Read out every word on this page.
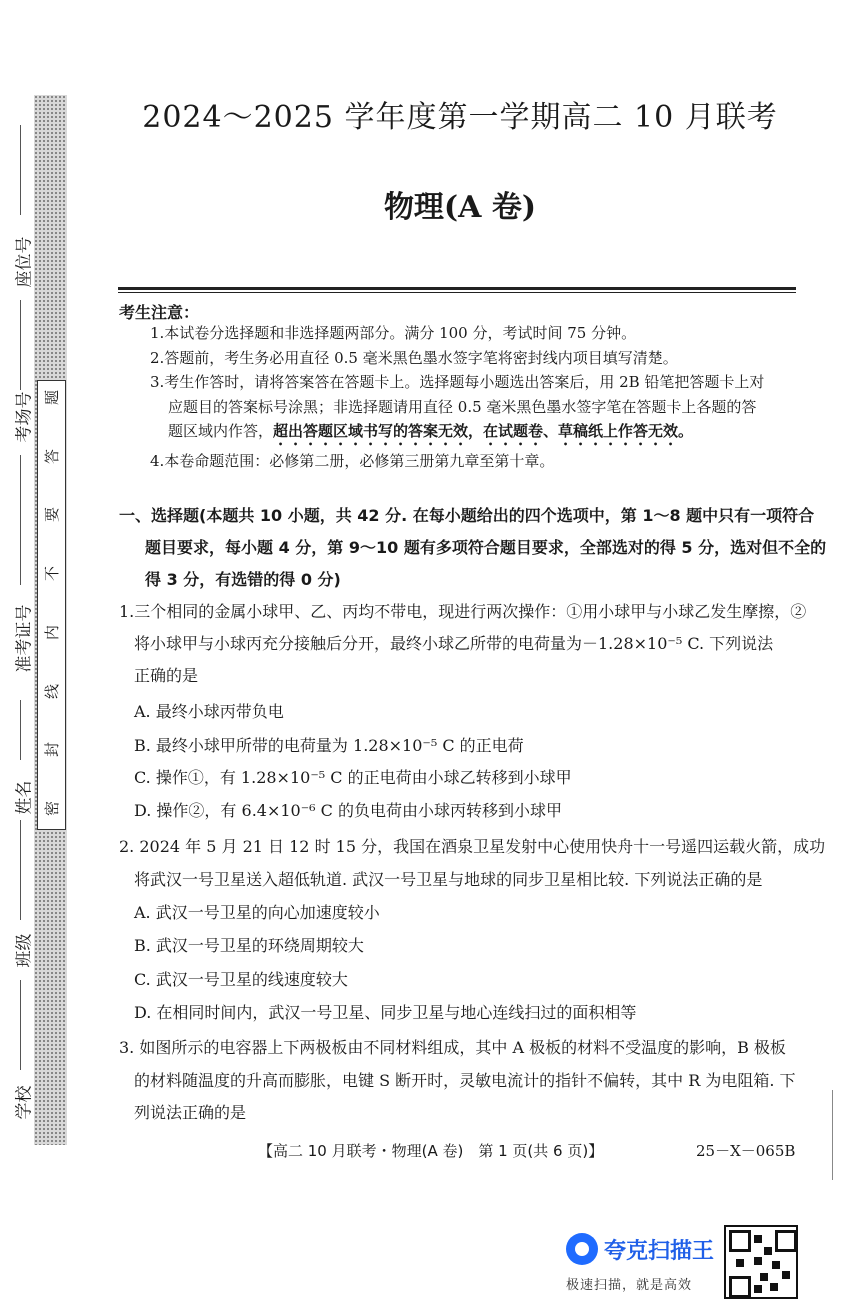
题
答
要
不
内
线
封
密
座位号
考场号
准考证号
姓名
班级
学校
2024～2025 学年度第一学期高二 10 月联考
物理(A 卷)
考生注意：
1.本试卷分选择题和非选择题两部分。满分 100 分，考试时间 75 分钟。
2.答题前，考生务必用直径 0.5 毫米黑色墨水签字笔将密封线内项目填写清楚。
3.考生作答时，请将答案答在答题卡上。选择题每小题选出答案后，用 2B 铅笔把答题卡上对
应题目的答案标号涂黑；非选择题请用直径 0.5 毫米黑色墨水签字笔在答题卡上各题的答
题区域内作答，超出答题区域书写的答案无效，在试题卷、草稿纸上作答无效。
4.本卷命题范围：必修第二册，必修第三册第九章至第十章。
一、选择题(本题共 10 小题，共 42 分. 在每小题给出的四个选项中，第 1～8 题中只有一项符合
题目要求，每小题 4 分，第 9～10 题有多项符合题目要求，全部选对的得 5 分，选对但不全的
得 3 分，有选错的得 0 分)
1.三个相同的金属小球甲、乙、丙均不带电，现进行两次操作：①用小球甲与小球乙发生摩擦，②
将小球甲与小球丙充分接触后分开，最终小球乙所带的电荷量为－1.28×10⁻⁵ C. 下列说法
正确的是
A. 最终小球丙带负电
B. 最终小球甲所带的电荷量为 1.28×10⁻⁵ C 的正电荷
C. 操作①，有 1.28×10⁻⁵ C 的正电荷由小球乙转移到小球甲
D. 操作②，有 6.4×10⁻⁶ C 的负电荷由小球丙转移到小球甲
2. 2024 年 5 月 21 日 12 时 15 分，我国在酒泉卫星发射中心使用快舟十一号遥四运载火箭，成功
将武汉一号卫星送入超低轨道. 武汉一号卫星与地球的同步卫星相比较. 下列说法正确的是
A. 武汉一号卫星的向心加速度较小
B. 武汉一号卫星的环绕周期较大
C. 武汉一号卫星的线速度较大
D. 在相同时间内，武汉一号卫星、同步卫星与地心连线扫过的面积相等
3. 如图所示的电容器上下两极板由不同材料组成，其中 A 极板的材料不受温度的影响，B 极板
的材料随温度的升高而膨胀，电键 S 断开时，灵敏电流计的指针不偏转，其中 R 为电阻箱. 下
列说法正确的是
【高二 10 月联考・物理(A 卷)　第 1 页(共 6 页)】	25－X－065B
夸克扫描王
极速扫描，就是高效
